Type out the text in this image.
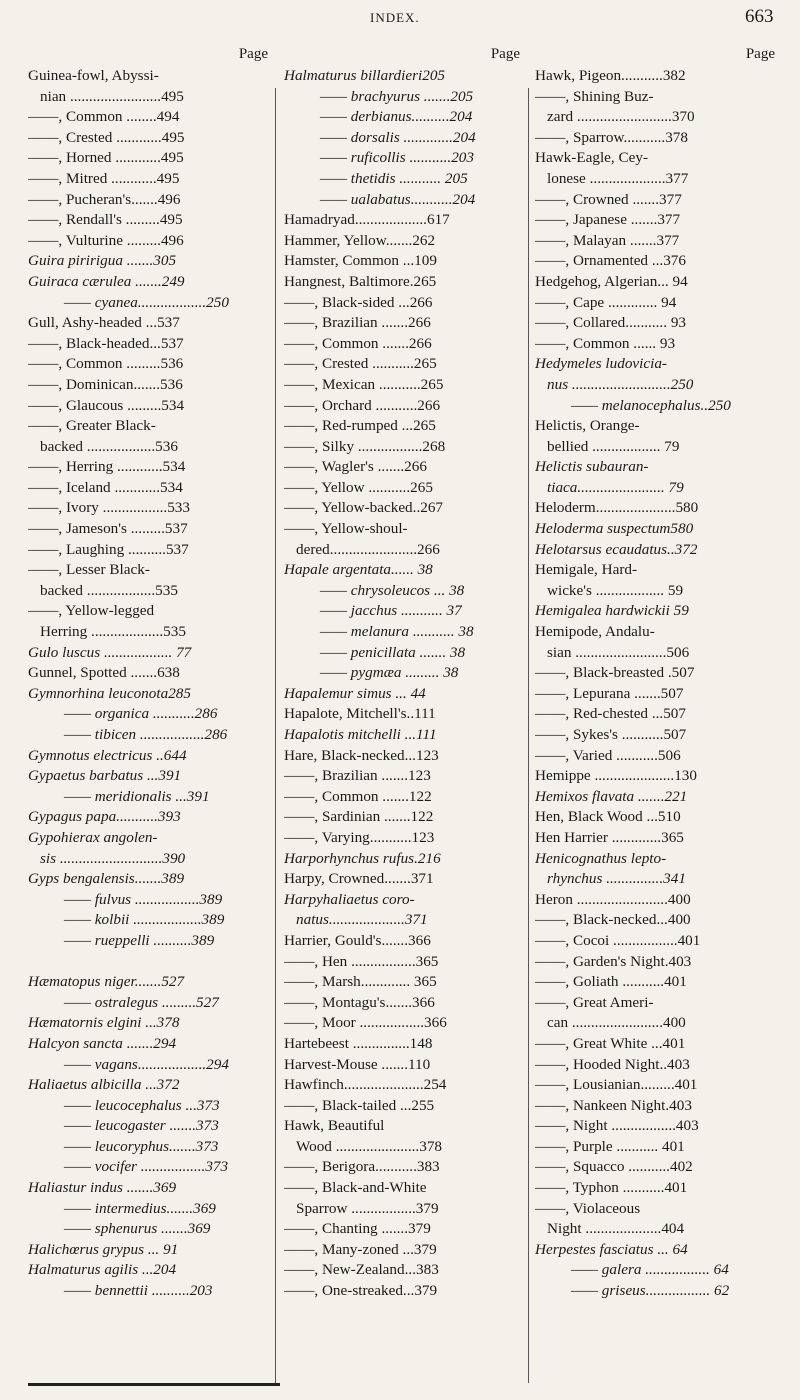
INDEX.	663
Page
Guinea-fowl, Abyssi-
nian ........................495
——, Common ........494
——, Crested ............495
——, Horned ............495
——, Mitred ............495
——, Pucheran's.......496
——, Rendall's .........495
——, Vulturine .........496
Guira piririgua .......305
Guiraca cærulea .......249
—— cyanea..................250
Gull, Ashy-headed ...537
——, Black-headed...537
——, Common .........536
——, Dominican.......536
——, Glaucous .........534
——, Greater Black-
backed ..................536
——, Herring ............534
——, Iceland ............534
——, Ivory .................533
——, Jameson's .........537
——, Laughing ..........537
——, Lesser Black-
backed ..................535
——, Yellow-legged
Herring ...................535
Gulo luscus .................. 77
Gunnel, Spotted .......638
Gymnorhina leuconota285
—— organica ...........286
—— tibicen .................286
Gymnotus electricus ..644
Gypaetus barbatus ...391
—— meridionalis ...391
Gypagus papa...........393
Gypohierax angolen-
sis ...........................390
Gyps bengalensis.......389
—— fulvus .................389
—— kolbii ..................389
—— rueppelli ..........389
Hæmatopus niger.......527
—— ostralegus .........527
Hæmatornis elgini ...378
Halcyon sancta .......294
—— vagans..................294
Haliaetus albicilla ...372
—— leucocephalus ...373
—— leucogaster .......373
—— leucoryphus.......373
—— vocifer .................373
Haliastur indus .......369
—— intermedius.......369
—— sphenurus .......369
Halichœrus grypus ... 91
Halmaturus agilis ...204
—— bennettii ..........203
Page
Halmaturus billardieri205
—— brachyurus .......205
—— derbianus..........204
—— dorsalis .............204
—— ruficollis ...........203
—— thetidis ........... 205
—— ualabatus...........204
Hamadryad...................617
Hammer, Yellow.......262
Hamster, Common ...109
Hangnest, Baltimore.265
——, Black-sided ...266
——, Brazilian .......266
——, Common .......266
——, Crested ...........265
——, Mexican ...........265
——, Orchard ...........266
——, Red-rumped ...265
——, Silky .................268
——, Wagler's .......266
——, Yellow ...........265
——, Yellow-backed..267
——, Yellow-shoul-
dered.......................266
Hapale argentata...... 38
—— chrysoleucos ... 38
—— jacchus ........... 37
—— melanura ........... 38
—— penicillata ....... 38
—— pygmæa ......... 38
Hapalemur simus ... 44
Hapalote, Mitchell's..111
Hapalotis mitchelli ...111
Hare, Black-necked...123
——, Brazilian .......123
——, Common .......122
——, Sardinian .......122
——, Varying...........123
Harporhynchus rufus.216
Harpy, Crowned.......371
Harpyhaliaetus coro-
natus....................371
Harrier, Gould's.......366
——, Hen .................365
——, Marsh............. 365
——, Montagu's.......366
——, Moor .................366
Hartebeest ...............148
Harvest-Mouse .......110
Hawfinch.....................254
——, Black-tailed ...255
Hawk, Beautiful
Wood ......................378
——, Berigora...........383
——, Black-and-White
Sparrow .................379
——, Chanting .......379
——, Many-zoned ...379
——, New-Zealand...383
——, One-streaked...379
Page
Hawk, Pigeon...........382
——, Shining Buz-
zard .........................370
——, Sparrow...........378
Hawk-Eagle, Cey-
lonese ....................377
——, Crowned .......377
——, Japanese .......377
——, Malayan .......377
——, Ornamented ...376
Hedgehog, Algerian... 94
——, Cape ............. 94
——, Collared........... 93
——, Common ...... 93
Hedymeles ludovicia-
nus ..........................250
—— melanocephalus..250
Helictis, Orange-
bellied .................. 79
Helictis subauran-
tiaca....................... 79
Heloderm.....................580
Heloderma suspectum580
Helotarsus ecaudatus..372
Hemigale, Hard-
wicke's .................. 59
Hemigalea hardwickii 59
Hemipode, Andalu-
sian ........................506
——, Black-breasted .507
——, Lepurana .......507
——, Red-chested ...507
——, Sykes's ...........507
——, Varied ...........506
Hemippe .....................130
Hemixos flavata .......221
Hen, Black Wood ...510
Hen Harrier .............365
Henicognathus lepto-
rhynchus ...............341
Heron ........................400
——, Black-necked...400
——, Cocoi .................401
——, Garden's Night.403
——, Goliath ...........401
——, Great Ameri-
can ........................400
——, Great White ...401
——, Hooded Night..403
——, Lousianian.........401
——, Nankeen Night.403
——, Night .................403
——, Purple ........... 401
——, Squacco ...........402
——, Typhon ...........401
——, Violaceous
Night ....................404
Herpestes fasciatus ... 64
—— galera ................. 64
—— griseus................. 62
